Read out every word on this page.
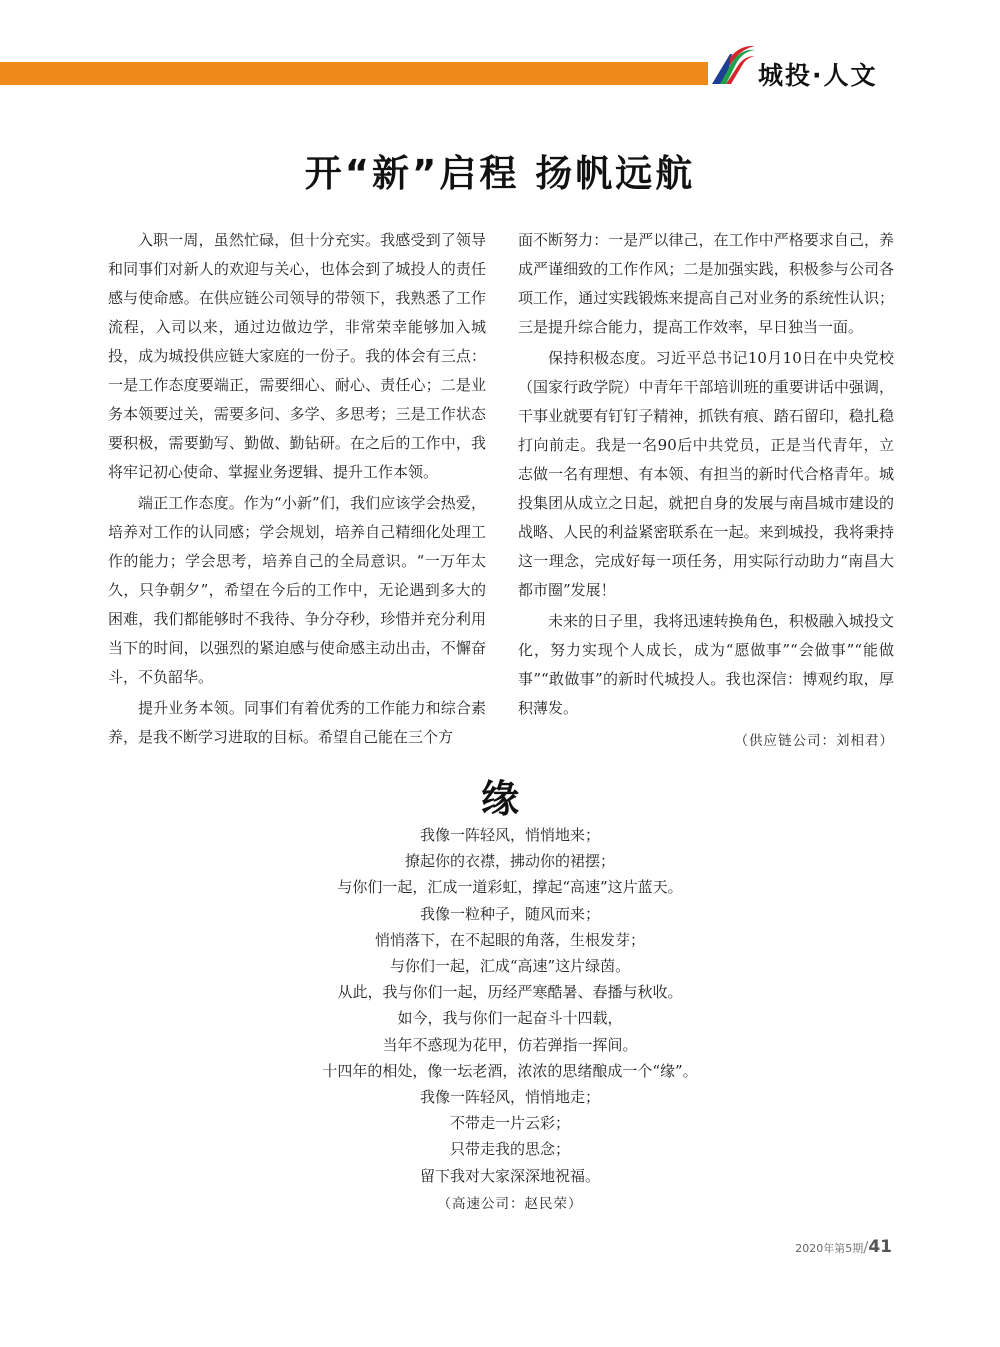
城投·人文
开“新”启程 扬帆远航

入职一周，虽然忙碌，但十分充实。我感受到了领导和同事们对新人的欢迎与关心，也体会到了城投人的责任感与使命感。在供应链公司领导的带领下，我熟悉了工作流程，入司以来，通过边做边学，非常荣幸能够加入城投，成为城投供应链大家庭的一份子。我的体会有三点：一是工作态度要端正，需要细心、耐心、责任心；二是业务本领要过关，需要多问、多学、多思考；三是工作状态要积极，需要勤写、勤做、勤钻研。在之后的工作中，我将牢记初心使命、掌握业务逻辑、提升工作本领。

端正工作态度。作为“小新”们，我们应该学会热爱，培养对工作的认同感；学会规划，培养自己精细化处理工作的能力；学会思考，培养自己的全局意识。“一万年太久，只争朝夕”，希望在今后的工作中，无论遇到多大的困难，我们都能够时不我待、争分夺秒，珍惜并充分利用当下的时间，以强烈的紧迫感与使命感主动出击，不懈奋斗，不负韶华。

提升业务本领。同事们有着优秀的工作能力和综合素养，是我不断学习进取的目标。希望自己能在三个方

面不断努力：一是严以律己，在工作中严格要求自己，养成严谨细致的工作作风；二是加强实践，积极参与公司各项工作，通过实践锻炼来提高自己对业务的系统性认识；三是提升综合能力，提高工作效率，早日独当一面。

保持积极态度。习近平总书记10月10日在中央党校（国家行政学院）中青年干部培训班的重要讲话中强调，干事业就要有钉钉子精神，抓铁有痕、踏石留印，稳扎稳打向前走。我是一名90后中共党员，正是当代青年，立志做一名有理想、有本领、有担当的新时代合格青年。城投集团从成立之日起，就把自身的发展与南昌城市建设的战略、人民的利益紧密联系在一起。来到城投，我将秉持这一理念，完成好每一项任务，用实际行动助力“南昌大都市圈”发展！

未来的日子里，我将迅速转换角色，积极融入城投文化，努力实现个人成长，成为“愿做事”“会做事”“能做事”“敢做事”的新时代城投人。我也深信：博观约取，厚积薄发。

（供应链公司：刘相君）

缘
我像一阵轻风，悄悄地来；
撩起你的衣襟，拂动你的裙摆；
与你们一起，汇成一道彩虹，撑起“高速”这片蓝天。
我像一粒种子，随风而来；
悄悄落下，在不起眼的角落，生根发芽；
与你们一起，汇成“高速”这片绿茵。
从此，我与你们一起，历经严寒酷暑、春播与秋收。
如今，我与你们一起奋斗十四载，
当年不惑现为花甲，仿若弹指一挥间。
十四年的相处，像一坛老酒，浓浓的思绪酿成一个“缘”。
我像一阵轻风，悄悄地走；
不带走一片云彩；
只带走我的思念；
留下我对大家深深地祝福。
（高速公司：赵民荣）
2020年第5期/41
